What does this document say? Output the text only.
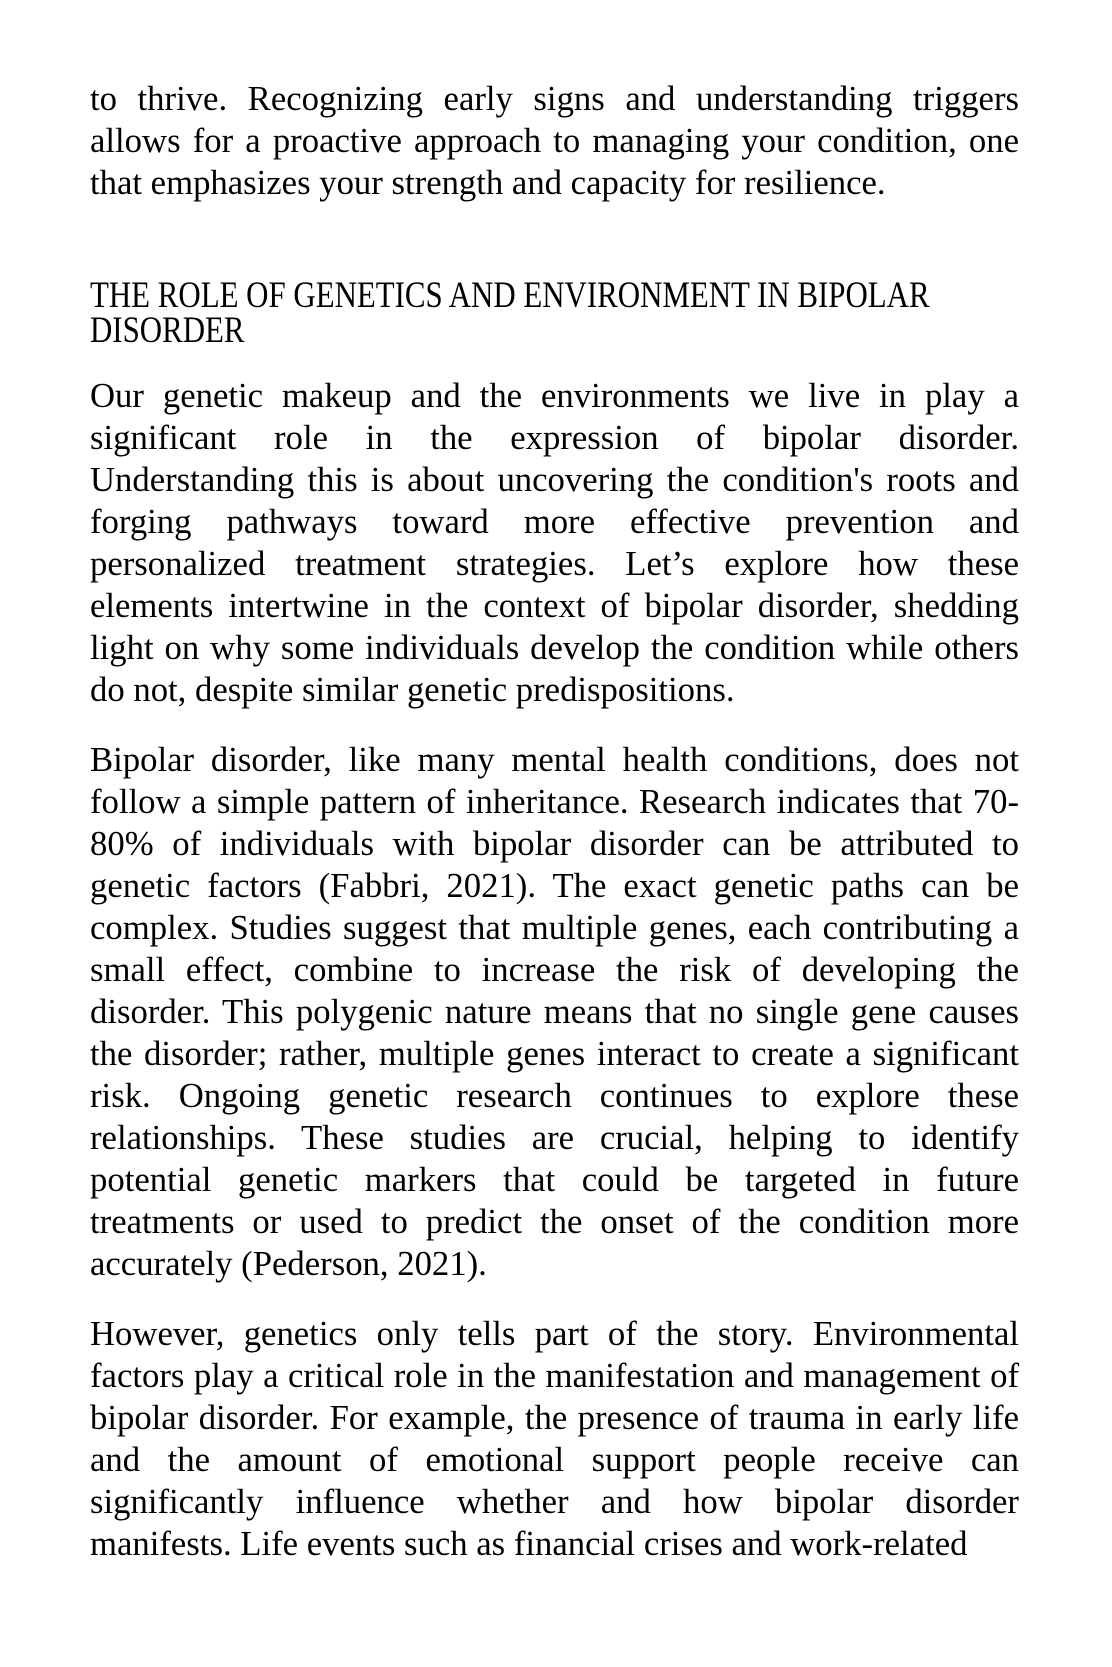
to thrive. Recognizing early signs and understanding triggers allows for a proactive approach to managing your condition, one that emphasizes your strength and capacity for resilience.

THE ROLE OF GENETICS AND ENVIRONMENT IN BIPOLAR DISORDER

Our genetic makeup and the environments we live in play a significant role in the expression of bipolar disorder. Understanding this is about uncovering the condition's roots and forging pathways toward more effective prevention and personalized treatment strategies. Let’s explore how these elements intertwine in the context of bipolar disorder, shedding light on why some individuals develop the condition while others do not, despite similar genetic predispositions.

Bipolar disorder, like many mental health conditions, does not follow a simple pattern of inheritance. Research indicates that 70-80% of individuals with bipolar disorder can be attributed to genetic factors (Fabbri, 2021). The exact genetic paths can be complex. Studies suggest that multiple genes, each contributing a small effect, combine to increase the risk of developing the disorder. This polygenic nature means that no single gene causes the disorder; rather, multiple genes interact to create a significant risk. Ongoing genetic research continues to explore these relationships. These studies are crucial, helping to identify potential genetic markers that could be targeted in future treatments or used to predict the onset of the condition more accurately (Pederson, 2021).

However, genetics only tells part of the story. Environmental factors play a critical role in the manifestation and management of bipolar disorder. For example, the presence of trauma in early life and the amount of emotional support people receive can significantly influence whether and how bipolar disorder manifests. Life events such as financial crises and work-related
